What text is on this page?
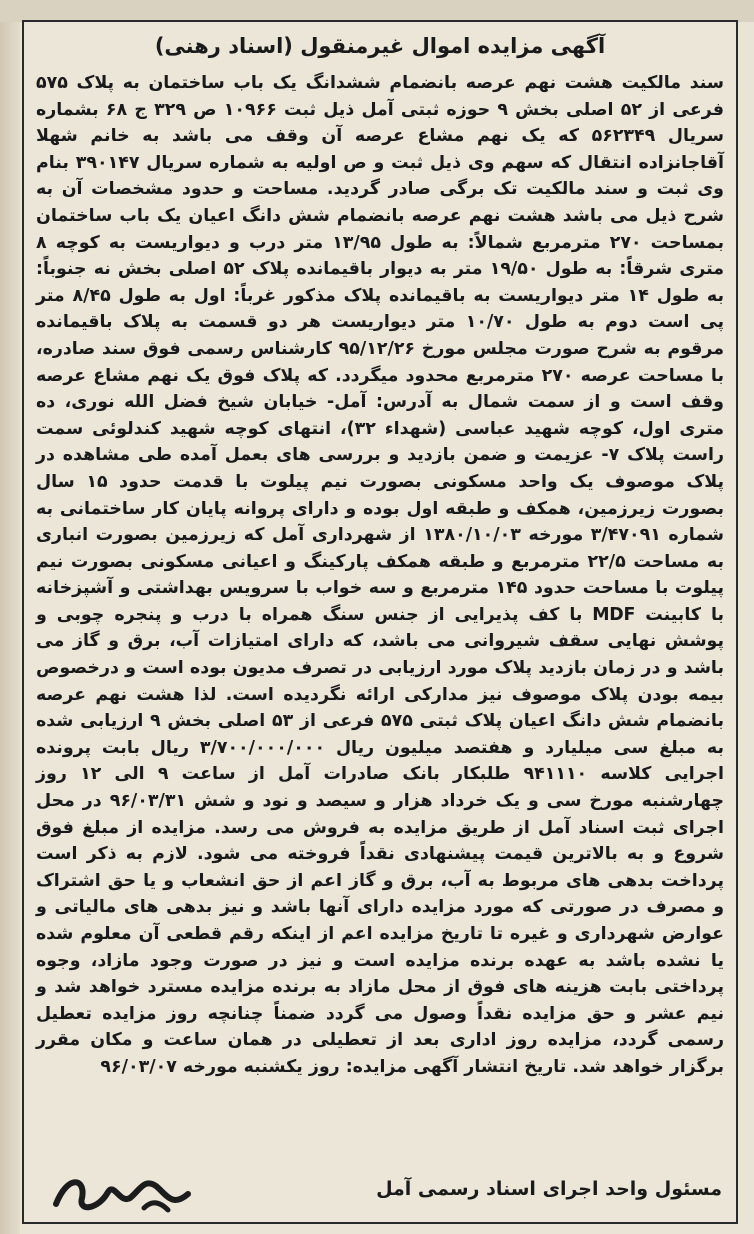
آگهی مزایده اموال غیرمنقول (اسناد رهنی)

سند مالکیت هشت نهم عرصه بانضمام ششدانگ یک باب ساختمان به پلاک ۵۷۵ فرعی از ۵۲ اصلی بخش ۹ حوزه ثبتی آمل ذیل ثبت ۱۰۹۶۶ ص ۳۲۹ ج ۶۸ بشماره سریال ۵۶۲۳۴۹ که یک نهم مشاع عرصه آن وقف می باشد به خانم شهلا آقاجانزاده انتقال که سهم وی ذیل ثبت و ص اولیه به شماره سریال ۳۹۰۱۴۷ بنام وی ثبت و سند مالکیت تک برگی صادر گردید. مساحت و حدود مشخصات آن به شرح ذیل می باشد هشت نهم عرصه بانضمام شش دانگ اعیان یک باب ساختمان بمساحت ۲۷۰ مترمربع شمالاً: به طول ۱۳/۹۵ متر درب و دیواریست به کوچه ۸ متری شرقاً: به طول ۱۹/۵۰ متر به دیوار باقیمانده پلاک ۵۲ اصلی بخش نه جنوباً: به طول ۱۴ متر دیواریست به باقیمانده پلاک مذکور غرباً: اول به طول ۸/۴۵ متر پی است دوم به طول ۱۰/۷۰ متر دیواریست هر دو قسمت به پلاک باقیمانده مرقوم به شرح صورت مجلس مورخ ۹۵/۱۲/۲۶ کارشناس رسمی فوق سند صادره، با مساحت عرصه ۲۷۰ مترمربع محدود میگردد. که پلاک فوق یک نهم مشاع عرصه وقف است و از سمت شمال به آدرس: آمل- خیابان شیخ فضل الله نوری، ده متری اول، کوچه شهید عباسی (شهداء ۳۲)، انتهای کوچه شهید کندلوئی سمت راست پلاک ۷- عزیمت و ضمن بازدید و بررسی های بعمل آمده طی مشاهده در پلاک موصوف یک واحد مسکونی بصورت نیم پیلوت با قدمت حدود ۱۵ سال بصورت زیرزمین، همکف و طبقه اول بوده و دارای پروانه پایان کار ساختمانی به شماره ۳/۴۷۰۹۱ مورخه ۱۳۸۰/۱۰/۰۳ از شهرداری آمل که زیرزمین بصورت انباری به مساحت ۲۲/۵ مترمربع و طبقه همکف پارکینگ و اعیانی مسکونی بصورت نیم پیلوت با مساحت حدود ۱۴۵ مترمربع و سه خواب با سرویس بهداشتی و آشپزخانه با کابینت MDF با کف پذیرایی از جنس سنگ همراه با درب و پنجره چوبی و پوشش نهایی سقف شیروانی می باشد، که دارای امتیازات آب، برق و گاز می باشد و در زمان بازدید پلاک مورد ارزیابی در تصرف مدیون بوده است و درخصوص بیمه بودن پلاک موصوف نیز مدارکی ارائه نگردیده است. لذا هشت نهم عرصه بانضمام شش دانگ اعیان پلاک ثبتی ۵۷۵ فرعی از ۵۳ اصلی بخش ۹ ارزیابی شده به مبلغ سی میلیارد و هفتصد میلیون ریال ۳/۷۰۰/۰۰۰/۰۰۰ ریال بابت پرونده اجرایی کلاسه ۹۴۱۱۱۰ طلبکار بانک صادرات آمل از ساعت ۹ الی ۱۲ روز چهارشنبه مورخ سی و یک خرداد هزار و سیصد و نود و شش ۹۶/۰۳/۳۱ در محل اجرای ثبت اسناد آمل از طریق مزایده به فروش می رسد. مزایده از مبلغ فوق شروع و به بالاترین قیمت پیشنهادی نقداً فروخته می شود. لازم به ذکر است پرداخت بدهی های مربوط به آب، برق و گاز اعم از حق انشعاب و یا حق اشتراک و مصرف در صورتی که مورد مزایده دارای آنها باشد و نیز بدهی های مالیاتی و عوارض شهرداری و غیره تا تاریخ مزایده اعم از اینکه رقم قطعی آن معلوم شده یا نشده باشد به عهده برنده مزایده است و نیز در صورت وجود مازاد، وجوه پرداختی بابت هزینه های فوق از محل مازاد به برنده مزایده مسترد خواهد شد و نیم عشر و حق مزایده نقداً وصول می گردد ضمناً چنانچه روز مزایده تعطیل رسمی گردد، مزایده روز اداری بعد از تعطیلی در همان ساعت و مکان مقرر برگزار خواهد شد. تاریخ انتشار آگهی مزایده: روز یکشنبه مورخه ۹۶/۰۳/۰۷

مسئول واحد اجرای اسناد رسمی آمل
